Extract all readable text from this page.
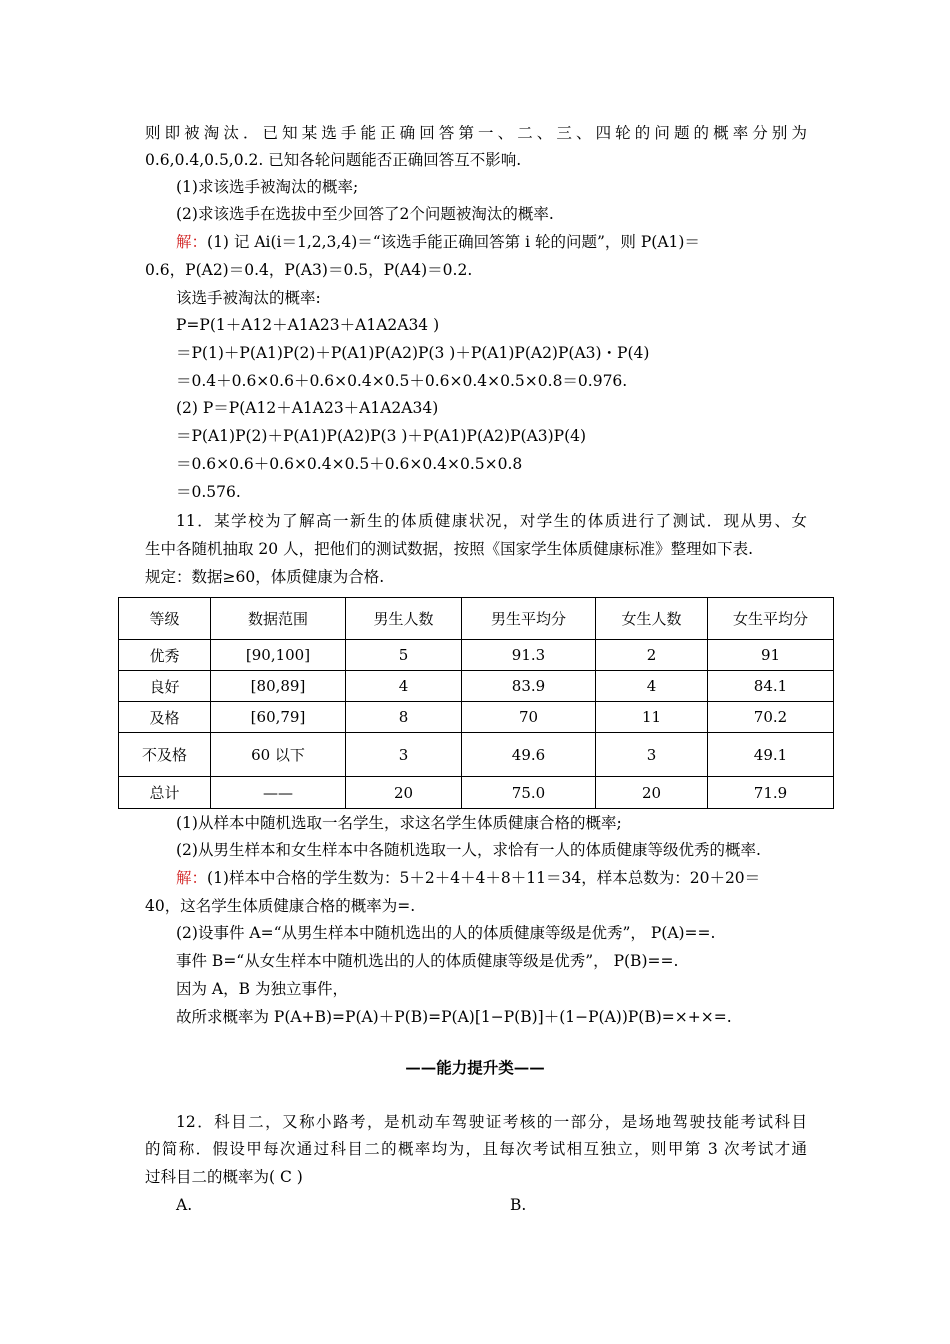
则即被淘汰．已知某选手能正确回答第一、二、三、四轮的问题的概率分别为
0.6,0.4,0.5,0.2. 已知各轮问题能否正确回答互不影响.
(1)求该选手被淘汰的概率;
(2)求该选手在选拔中至少回答了2个问题被淘汰的概率.
解：(1) 记 Ai(i＝1,2,3,4)＝“该选手能正确回答第 i 轮的问题”，则 P(A1)＝
0.6，P(A2)＝0.4，P(A3)＝0.5，P(A4)＝0.2.
该选手被淘汰的概率:
P=P(1＋A12＋A1A23＋A1A2A34 )
＝P(1)＋P(A1)P(2)＋P(A1)P(A2)P(3 )＋P(A1)P(A2)P(A3)・P(4)
＝0.4＋0.6×0.6＋0.6×0.4×0.5＋0.6×0.4×0.5×0.8＝0.976.
(2) P＝P(A12＋A1A23＋A1A2A34)
＝P(A1)P(2)＋P(A1)P(A2)P(3 )＋P(A1)P(A2)P(A3)P(4)
＝0.6×0.6＋0.6×0.4×0.5＋0.6×0.4×0.5×0.8
＝0.576.
11．某学校为了解高一新生的体质健康状况，对学生的体质进行了测试．现从男、女
生中各随机抽取 20 人，把他们的测试数据，按照《国家学生体质健康标准》整理如下表.
规定：数据≥60，体质健康为合格.
等级	数据范围	男生人数	男生平均分	女生人数	女生平均分
优秀	[90,100]	5	91.3	2	91
良好	[80,89]	4	83.9	4	84.1
及格	[60,79]	8	70	11	70.2
不及格	60 以下	3	49.6	3	49.1
总计	——	20	75.0	20	71.9
(1)从样本中随机选取一名学生，求这名学生体质健康合格的概率;
(2)从男生样本和女生样本中各随机选取一人，求恰有一人的体质健康等级优秀的概率.
解：(1)样本中合格的学生数为：5＋2＋4＋4＋8＋11＝34，样本总数为：20＋20＝
40，这名学生体质健康合格的概率为=.
(2)设事件 A=“从男生样本中随机选出的人的体质健康等级是优秀”， P(A)==.
事件 B=“从女生样本中随机选出的人的体质健康等级是优秀”， P(B)==.
因为 A，B 为独立事件，
故所求概率为 P(A+B)=P(A)＋P(B)=P(A)[1−P(B)]＋(1−P(A))P(B)=×+×=.
——能力提升类——
12．科目二，又称小路考，是机动车驾驶证考核的一部分，是场地驾驶技能考试科目
的简称．假设甲每次通过科目二的概率均为，且每次考试相互独立，则甲第 3 次考试才通
过科目二的概率为( C )
A.	B.
